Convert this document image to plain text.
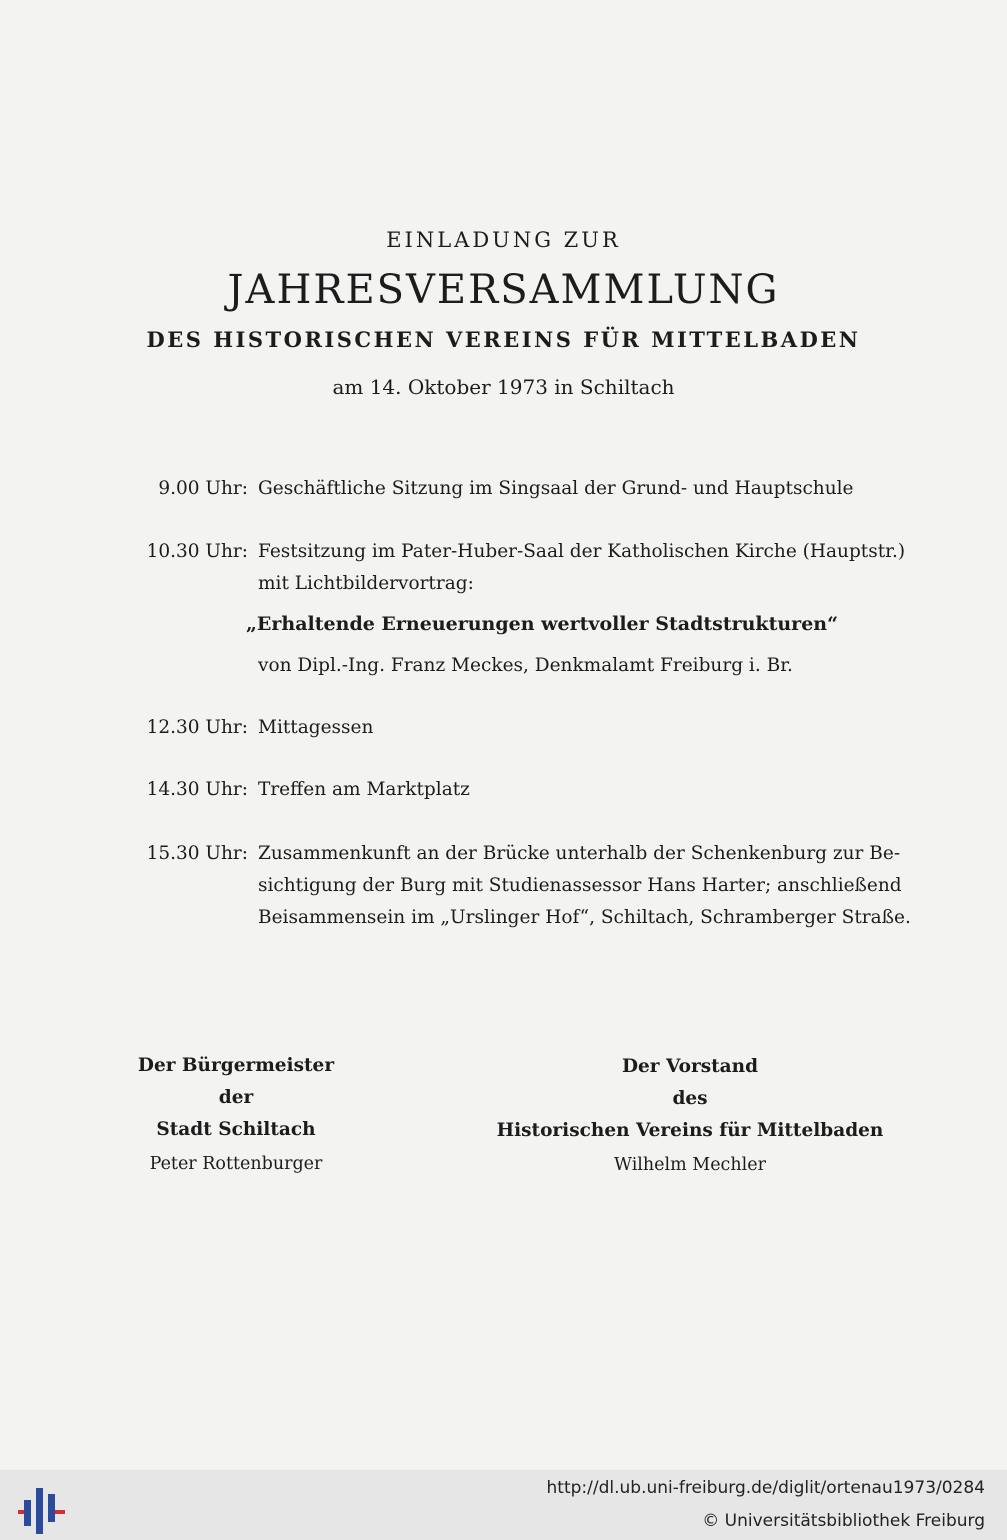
EINLADUNG ZUR
JAHRESVERSAMMLUNG
DES HISTORISCHEN VEREINS FÜR MITTELBADEN
am 14. Oktober 1973 in Schiltach
9.00 Uhr: Geschäftliche Sitzung im Singsaal der Grund- und Hauptschule
10.30 Uhr: Festsitzung im Pater-Huber-Saal der Katholischen Kirche (Hauptstr.)
mit Lichtbildervortrag:
„Erhaltende Erneuerungen wertvoller Stadtstrukturen“
von Dipl.-Ing. Franz Meckes, Denkmalamt Freiburg i. Br.
12.30 Uhr: Mittagessen
14.30 Uhr: Treffen am Marktplatz
15.30 Uhr: Zusammenkunft an der Brücke unterhalb der Schenkenburg zur Be-
sichtigung der Burg mit Studienassessor Hans Harter; anschließend
Beisammensein im „Urslinger Hof“, Schiltach, Schramberger Straße.
Der Bürgermeister
der
Stadt Schiltach
Peter Rottenburger
Der Vorstand
des
Historischen Vereins für Mittelbaden
Wilhelm Mechler
http://dl.ub.uni-freiburg.de/diglit/ortenau1973/0284
© Universitätsbibliothek Freiburg
